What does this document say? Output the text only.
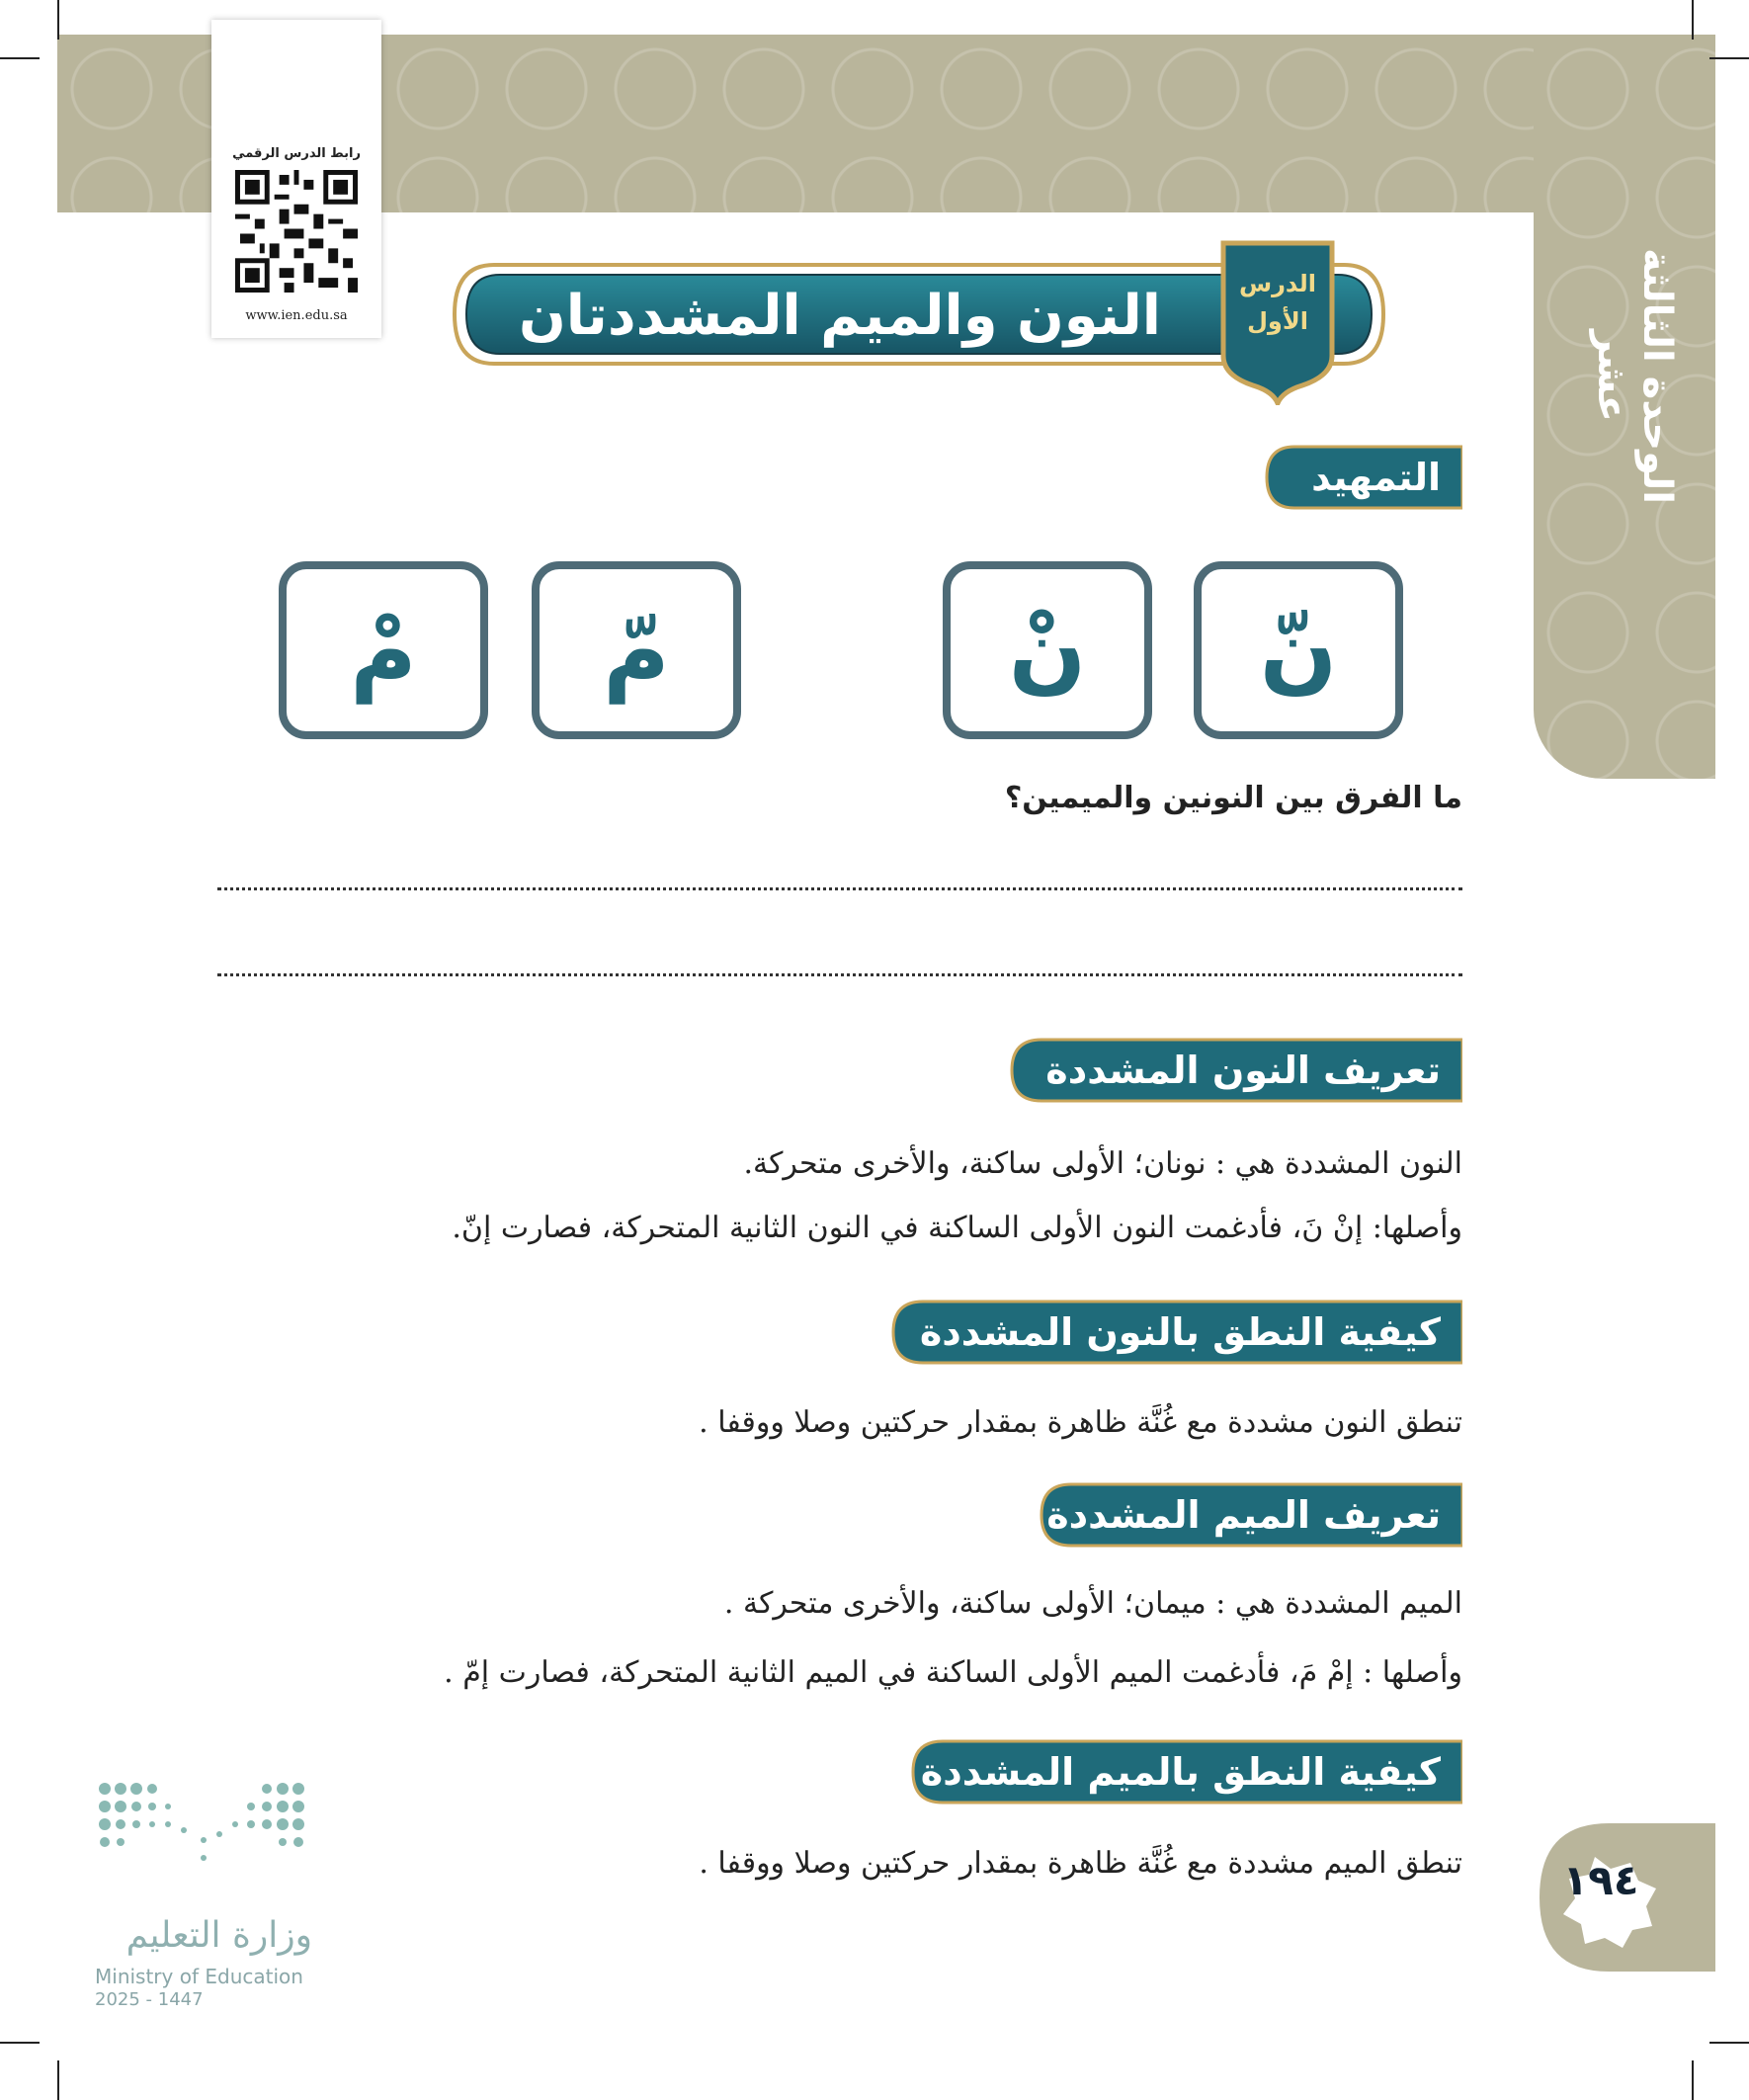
الوحدة الثالثة عشر
رابط الدرس الرقمي
www.ien.edu.sa
الدرس
الأول
النون والميم المشددتان
التمهيد
نّ
نْ
مّ
مْ
ما الفرق بين النونين والميمين؟
تعريف النون المشددة
النون المشددة هي : نونان؛ الأولى ساكنة، والأخرى متحركة.
وأصلها: إنْ نَ، فأدغمت النون الأولى الساكنة في النون الثانية المتحركة، فصارت إنّ.
كيفية النطق بالنون المشددة
تنطق النون مشددة مع غُنَّة ظاهرة بمقدار حركتين وصلا ووقفا .
تعريف الميم المشددة
الميم المشددة هي : ميمان؛ الأولى ساكنة، والأخرى متحركة .
وأصلها : إمْ مَ، فأدغمت الميم الأولى الساكنة في الميم الثانية المتحركة، فصارت إمّ .
كيفية النطق بالميم المشددة
تنطق الميم مشددة مع غُنَّة ظاهرة بمقدار حركتين وصلا ووقفا .	١٩٤
وزارة التعليم
Ministry of Education
2025 - 1447
